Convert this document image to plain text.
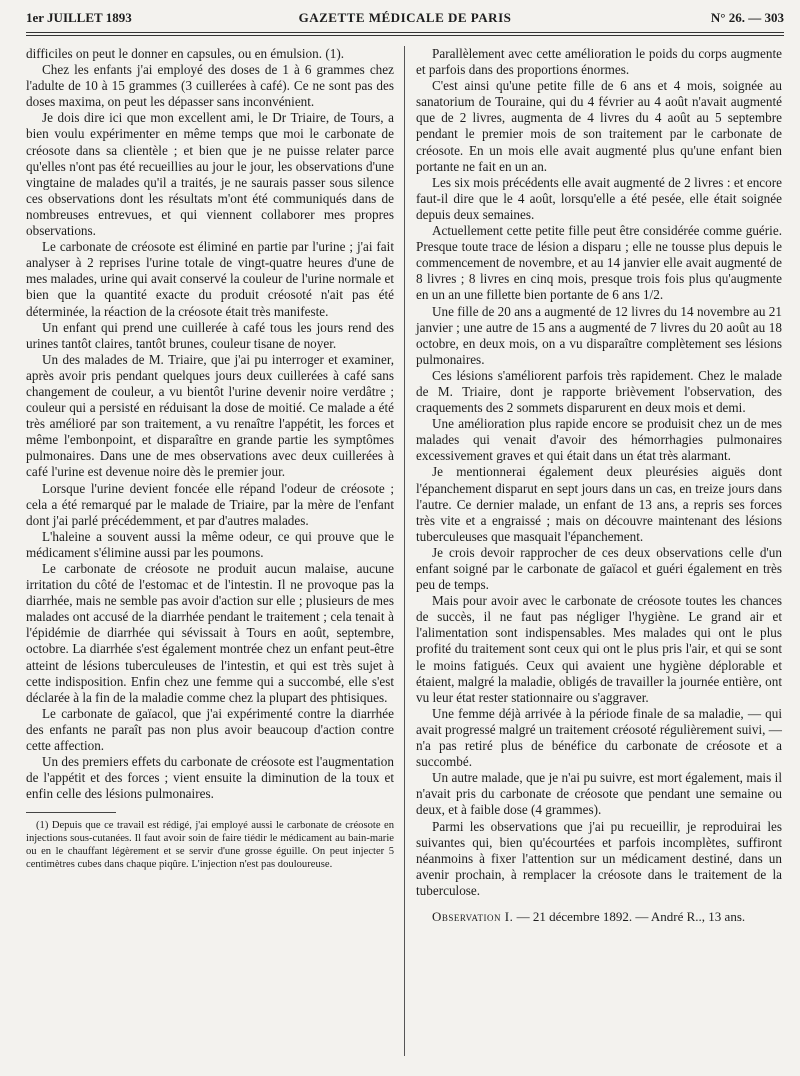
1er JUILLET 1893	GAZETTE MÉDICALE DE PARIS	N° 26. — 303

difficiles on peut le donner en capsules, ou en émulsion. (1).

Chez les enfants j'ai employé des doses de 1 à 6 grammes chez l'adulte de 10 à 15 grammes (3 cuillerées à café). Ce ne sont pas des doses maxima, on peut les dépasser sans inconvénient.

Je dois dire ici que mon excellent ami, le Dr Triaire, de Tours, a bien voulu expérimenter en même temps que moi le carbonate de créosote dans sa clientèle ; et bien que je ne puisse relater parce qu'elles n'ont pas été recueillies au jour le jour, les observations d'une vingtaine de malades qu'il a traités, je ne saurais passer sous silence ces observations dont les résultats m'ont été communiqués dans de nombreuses entrevues, et qui viennent collaborer mes propres observations.

Le carbonate de créosote est éliminé en partie par l'urine ; j'ai fait analyser à 2 reprises l'urine totale de vingt-quatre heures d'une de mes malades, urine qui avait conservé la couleur de l'urine normale et bien que la quantité exacte du produit créosoté n'ait pas été déterminée, la réaction de la créosote était très manifeste.

Un enfant qui prend une cuillerée à café tous les jours rend des urines tantôt claires, tantôt brunes, couleur tisane de noyer.

Un des malades de M. Triaire, que j'ai pu interroger et examiner, après avoir pris pendant quelques jours deux cuillerées à café sans changement de couleur, a vu bientôt l'urine devenir noire verdâtre ; couleur qui a persisté en réduisant la dose de moitié. Ce malade a été très amélioré par son traitement, a vu renaître l'appétit, les forces et même l'embonpoint, et disparaître en grande partie les symptômes pulmonaires. Dans une de mes observations avec deux cuillerées à café l'urine est devenue noire dès le premier jour.

Lorsque l'urine devient foncée elle répand l'odeur de créosote ; cela a été remarqué par le malade de Triaire, par la mère de l'enfant dont j'ai parlé précédemment, et par d'autres malades.

L'haleine a souvent aussi la même odeur, ce qui prouve que le médicament s'élimine aussi par les poumons.

Le carbonate de créosote ne produit aucun malaise, aucune irritation du côté de l'estomac et de l'intestin. Il ne provoque pas la diarrhée, mais ne semble pas avoir d'action sur elle ; plusieurs de mes malades ont accusé de la diarrhée pendant le traitement ; cela tenait à l'épidémie de diarrhée qui sévissait à Tours en août, septembre, octobre. La diarrhée s'est également montrée chez un enfant peut-être atteint de lésions tuberculeuses de l'intestin, et qui est très sujet à cette indisposition. Enfin chez une femme qui a succombé, elle s'est déclarée à la fin de la maladie comme chez la plupart des phtisiques.

Le carbonate de gaïacol, que j'ai expérimenté contre la diarrhée des enfants ne paraît pas non plus avoir beaucoup d'action contre cette affection.

Un des premiers effets du carbonate de créosote est l'augmentation de l'appétit et des forces ; vient ensuite la diminution de la toux et enfin celle des lésions pulmonaires.

(1) Depuis que ce travail est rédigé, j'ai employé aussi le carbonate de créosote en injections sous-cutanées. Il faut avoir soin de faire tiédir le médicament au bain-marie ou en le chauffant légèrement et se servir d'une grosse éguille. On peut injecter 5 centimètres cubes dans chaque piqûre. L'injection n'est pas douloureuse.

Parallèlement avec cette amélioration le poids du corps augmente et parfois dans des proportions énormes.

C'est ainsi qu'une petite fille de 6 ans et 4 mois, soignée au sanatorium de Touraine, qui du 4 février au 4 août n'avait augmenté que de 2 livres, augmenta de 4 livres du 4 août au 5 septembre pendant le premier mois de son traitement par le carbonate de créosote. En un mois elle avait augmenté plus qu'une enfant bien portante ne fait en un an.

Les six mois précédents elle avait augmenté de 2 livres : et encore faut-il dire que le 4 août, lorsqu'elle a été pesée, elle était soignée depuis deux semaines.

Actuellement cette petite fille peut être considérée comme guérie. Presque toute trace de lésion a disparu ; elle ne tousse plus depuis le commencement de novembre, et au 14 janvier elle avait augmenté de 8 livres ; 8 livres en cinq mois, presque trois fois plus qu'augmente en un an une fillette bien portante de 6 ans 1/2.

Une fille de 20 ans a augmenté de 12 livres du 14 novembre au 21 janvier ; une autre de 15 ans a augmenté de 7 livres du 20 août au 18 octobre, en deux mois, on a vu disparaître complètement ses lésions pulmonaires.

Ces lésions s'améliorent parfois très rapidement. Chez le malade de M. Triaire, dont je rapporte brièvement l'observation, des craquements des 2 sommets disparurent en deux mois et demi.

Une amélioration plus rapide encore se produisit chez un de mes malades qui venait d'avoir des hémorrhagies pulmonaires excessivement graves et qui était dans un état très alarmant.

Je mentionnerai également deux pleurésies aiguës dont l'épanchement disparut en sept jours dans un cas, en treize jours dans l'autre. Ce dernier malade, un enfant de 13 ans, a repris ses forces très vite et a engraissé ; mais on découvre maintenant des lésions tuberculeuses que masquait l'épanchement.

Je crois devoir rapprocher de ces deux observations celle d'un enfant soigné par le carbonate de gaïacol et guéri également en très peu de temps.

Mais pour avoir avec le carbonate de créosote toutes les chances de succès, il ne faut pas négliger l'hygiène. Le grand air et l'alimentation sont indispensables. Mes malades qui ont le plus profité du traitement sont ceux qui ont le plus pris l'air, et qui se sont le moins fatigués. Ceux qui avaient une hygiène déplorable et étaient, malgré la maladie, obligés de travailler la journée entière, ont vu leur état rester stationnaire ou s'aggraver.

Une femme déjà arrivée à la période finale de sa maladie, — qui avait progressé malgré un traitement créosoté régulièrement suivi, — n'a pas retiré plus de bénéfice du carbonate de créosote et a succombé.

Un autre malade, que je n'ai pu suivre, est mort également, mais il n'avait pris du carbonate de créosote que pendant une semaine ou deux, et à faible dose (4 grammes).

Parmi les observations que j'ai pu recueillir, je reproduirai les suivantes qui, bien qu'écourtées et parfois incomplètes, suffiront néanmoins à fixer l'attention sur un médicament destiné, dans un avenir prochain, à remplacer la créosote dans le traitement de la tuberculose.

Observation I. — 21 décembre 1892. — André R.., 13 ans.
